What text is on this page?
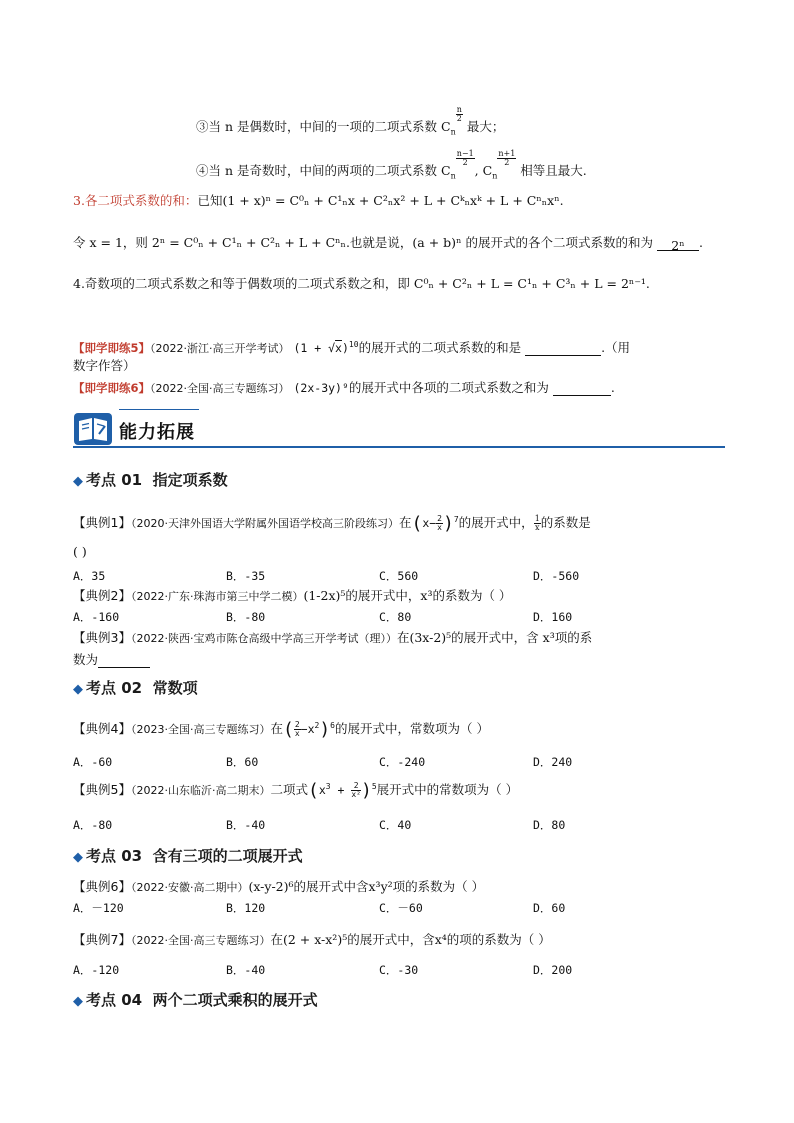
③当 n 是偶数时，中间的一项的二项式系数 $C_n$
$\frac{n}{2}$
最大；
④当 n 是奇数时，中间的两项的二项式系数 $C_n$
$\frac{n-1}{2}$
, $C_n$
$\frac{n+1}{2}$
相等且最大.
3.各二项式系数的和：已知(1 + x)ⁿ = C⁰ₙ + C¹ₙx + C²ₙx² + L + Cᵏₙxᵏ + L + Cⁿₙxⁿ.
令 x = 1，则 2ⁿ = C⁰ₙ + C¹ₙ + C²ₙ + L + Cⁿₙ.也就是说，(a + b)ⁿ 的展开式的各个二项式系数的和为 2ⁿ .
4.奇数项的二项式系数之和等于偶数项的二项式系数之和，即 C⁰ₙ + C²ₙ + L = C¹ₙ + C³ₙ + L = 2ⁿ⁻¹.
【即学即练5】（2022·浙江·高三开学考试） $(1 + √x)^{10}$的展开式的二项式系数的和是	.（用
数字作答）
【即学即练6】（2022·全国·高三专题练习） (2x-3y)⁹的展开式中各项的二项式系数之和为	.
能力拓展
◆ 考点 01 指定项系数
【典例1】（2020·天津外国语大学附属外国语学校高三阶段练习）在$(x- \frac{2}{x} )^7$的展开式中， $\frac{1}{x}$ 的系数是
( )
A．35	B．-35	C．560	D．-560
【典例2】（2022·广东·珠海市第三中学二模）(1-2x)⁵的展开式中，x³的系数为（ ）
A．-160	B．-80	C．80	D．160
【典例3】（2022·陕西·宝鸡市陈仓高级中学高三开学考试（理））在(3x-2)⁵的展开式中，含 x³项的系
数为
◆ 考点 02 常数项
【典例4】（2023·全国·高三专题练习）在( $\frac{2}{x} -x^2)^6$的展开式中，常数项为（ ）
A．-60	B．60	C．-240	D．240
【典例5】（2022·山东临沂·高二期末）二项式$(x^3 + \frac{2}{\text{x²}} )^5$展开式中的常数项为（ ）
A．-80	B．-40	C．40	D．80
◆ 考点 03 含有三项的二项展开式
【典例6】（2022·安徽·高二期中）(x-y-2)⁶的展开式中含x³y²项的系数为（ ）
A．－120	B．120	C．－60	D．60
【典例7】（2022·全国·高三专题练习）在(2 + x-x²)⁵的展开式中，含x⁴的项的系数为（ ）
A．-120	B．-40	C．-30	D．200
◆ 考点 04 两个二项式乘积的展开式
